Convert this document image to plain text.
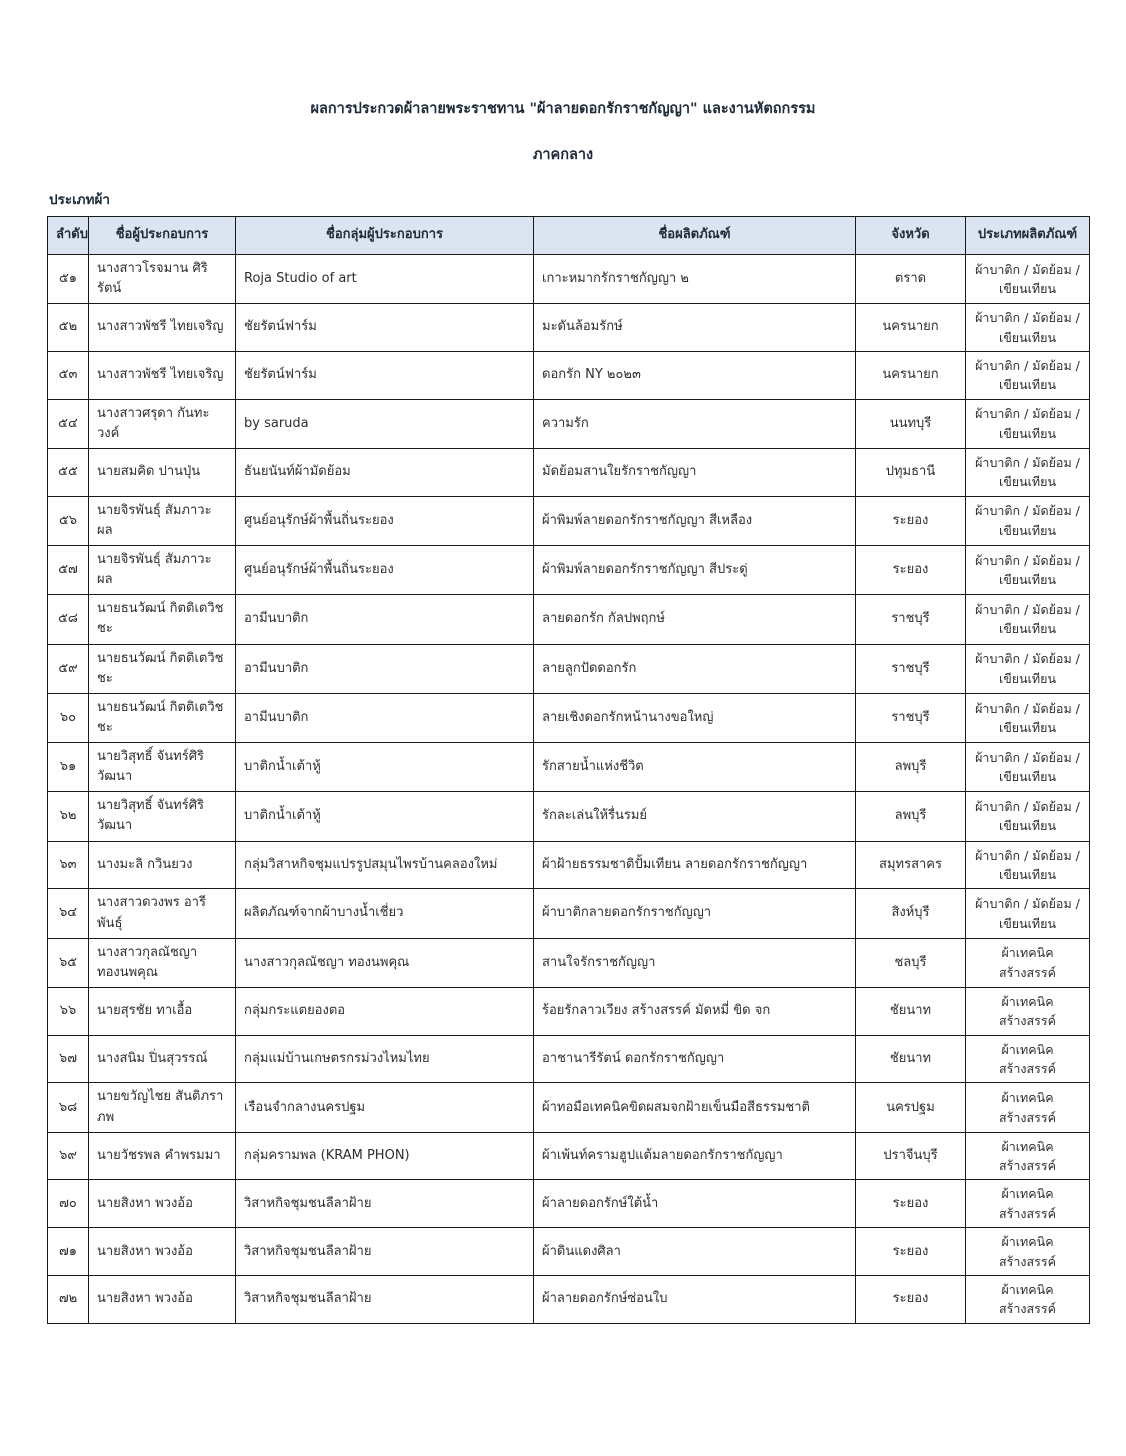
ผลการประกวดผ้าลายพระราชทาน "ผ้าลายดอกรักราชกัญญา" และงานหัตถกรรม
ภาคกลาง
ประเภทผ้า
ลำดับ	ชื่อผู้ประกอบการ	ชื่อกลุ่มผู้ประกอบการ	ชื่อผลิตภัณฑ์	จังหวัด	ประเภทผลิตภัณฑ์
๕๑	นางสาวโรจมาน ศิริรัตน์	Roja Studio of art	เกาะหมากรักราชกัญญา ๒	ตราด	ผ้าบาติก / มัดย้อม / เขียนเทียน
๕๒	นางสาวพัชรี ไทยเจริญ	ชัยรัตน์ฟาร์ม	มะดันล้อมรักษ์	นครนายก	ผ้าบาติก / มัดย้อม / เขียนเทียน
๕๓	นางสาวพัชรี ไทยเจริญ	ชัยรัตน์ฟาร์ม	ดอกรัก NY ๒๐๒๓	นครนายก	ผ้าบาติก / มัดย้อม / เขียนเทียน
๕๔	นางสาวศรุดา กันทะวงค์	by saruda	ความรัก	นนทบุรี	ผ้าบาติก / มัดย้อม / เขียนเทียน
๕๕	นายสมคิด ปานปุ่น	ธันยนันท์ผ้ามัดย้อม	มัดย้อมสานใยรักราชกัญญา	ปทุมธานี	ผ้าบาติก / มัดย้อม / เขียนเทียน
๕๖	นายจิรพันธุ์ สัมภาวะผล	ศูนย์อนุรักษ์ผ้าพื้นถิ่นระยอง	ผ้าพิมพ์ลายดอกรักราชกัญญา สีเหลือง	ระยอง	ผ้าบาติก / มัดย้อม / เขียนเทียน
๕๗	นายจิรพันธุ์ สัมภาวะผล	ศูนย์อนุรักษ์ผ้าพื้นถิ่นระยอง	ผ้าพิมพ์ลายดอกรักราชกัญญา สีประดู่	ระยอง	ผ้าบาติก / มัดย้อม / เขียนเทียน
๕๘	นายธนวัฒน์ กิตติเตวิชชะ	อามีนบาติก	ลายดอกรัก กัลปพฤกษ์	ราชบุรี	ผ้าบาติก / มัดย้อม / เขียนเทียน
๕๙	นายธนวัฒน์ กิตติเตวิชชะ	อามีนบาติก	ลายลูกปัดดอกรัก	ราชบุรี	ผ้าบาติก / มัดย้อม / เขียนเทียน
๖๐	นายธนวัฒน์ กิตติเตวิชชะ	อามีนบาติก	ลายเชิงดอกรักหน้านางขอใหญ่	ราชบุรี	ผ้าบาติก / มัดย้อม / เขียนเทียน
๖๑	นายวิสุทธิ์ จันทร์ศิริวัฒนา	บาติกน้ำเต้าหู้	รักสายน้ำแห่งชีวิต	ลพบุรี	ผ้าบาติก / มัดย้อม / เขียนเทียน
๖๒	นายวิสุทธิ์ จันทร์ศิริวัฒนา	บาติกน้ำเต้าหู้	รักละเล่นให้รื่นรมย์	ลพบุรี	ผ้าบาติก / มัดย้อม / เขียนเทียน
๖๓	นางมะลิ กวินยวง	กลุ่มวิสาหกิจชุมแปรรูปสมุนไพรบ้านคลองใหม่	ผ้าฝ้ายธรรมชาติปั้มเทียน ลายดอกรักราชกัญญา	สมุทรสาคร	ผ้าบาติก / มัดย้อม / เขียนเทียน
๖๔	นางสาวดวงพร อารีพันธุ์	ผลิตภัณฑ์จากผ้าบางน้ำเชี่ยว	ผ้าบาติกลายดอกรักราชกัญญา	สิงห์บุรี	ผ้าบาติก / มัดย้อม / เขียนเทียน
๖๕	นางสาวกุลณัชญา ทองนพคุณ	นางสาวกุลณัชญา ทองนพคุณ	สานใจรักราชกัญญา	ชลบุรี	ผ้าเทคนิคสร้างสรรค์
๖๖	นายสุรชัย ทาเอื้อ	กลุ่มกระแตยองตอ	ร้อยรักลาวเวียง สร้างสรรค์ มัดหมี่ ขิด จก	ชัยนาท	ผ้าเทคนิคสร้างสรรค์
๖๗	นางสนิม ปิ่นสุวรรณ์	กลุ่มแม่บ้านเกษตรกรม่วงไหมไทย	อาชานารีรัตน์ ดอกรักราชกัญญา	ชัยนาท	ผ้าเทคนิคสร้างสรรค์
๖๘	นายขวัญไชย สันติภราภพ	เรือนจำกลางนครปฐม	ผ้าทอมือเทคนิคขิดผสมจกฝ้ายเข็นมือสีธรรมชาติ	นครปฐม	ผ้าเทคนิคสร้างสรรค์
๖๙	นายวัชรพล คำพรมมา	กลุ่มครามพล (KRAM PHON)	ผ้าเพ้นท์ครามฮูปแต้มลายดอกรักราชกัญญา	ปราจีนบุรี	ผ้าเทคนิคสร้างสรรค์
๗๐	นายสิงหา พวงอ้อ	วิสาหกิจชุมชนลีลาฝ้าย	ผ้าลายดอกรักษ์ใต้น้ำ	ระยอง	ผ้าเทคนิคสร้างสรรค์
๗๑	นายสิงหา พวงอ้อ	วิสาหกิจชุมชนลีลาฝ้าย	ผ้าดินแดงศิลา	ระยอง	ผ้าเทคนิคสร้างสรรค์
๗๒	นายสิงหา พวงอ้อ	วิสาหกิจชุมชนลีลาฝ้าย	ผ้าลายดอกรักษ์ซ่อนใบ	ระยอง	ผ้าเทคนิคสร้างสรรค์
